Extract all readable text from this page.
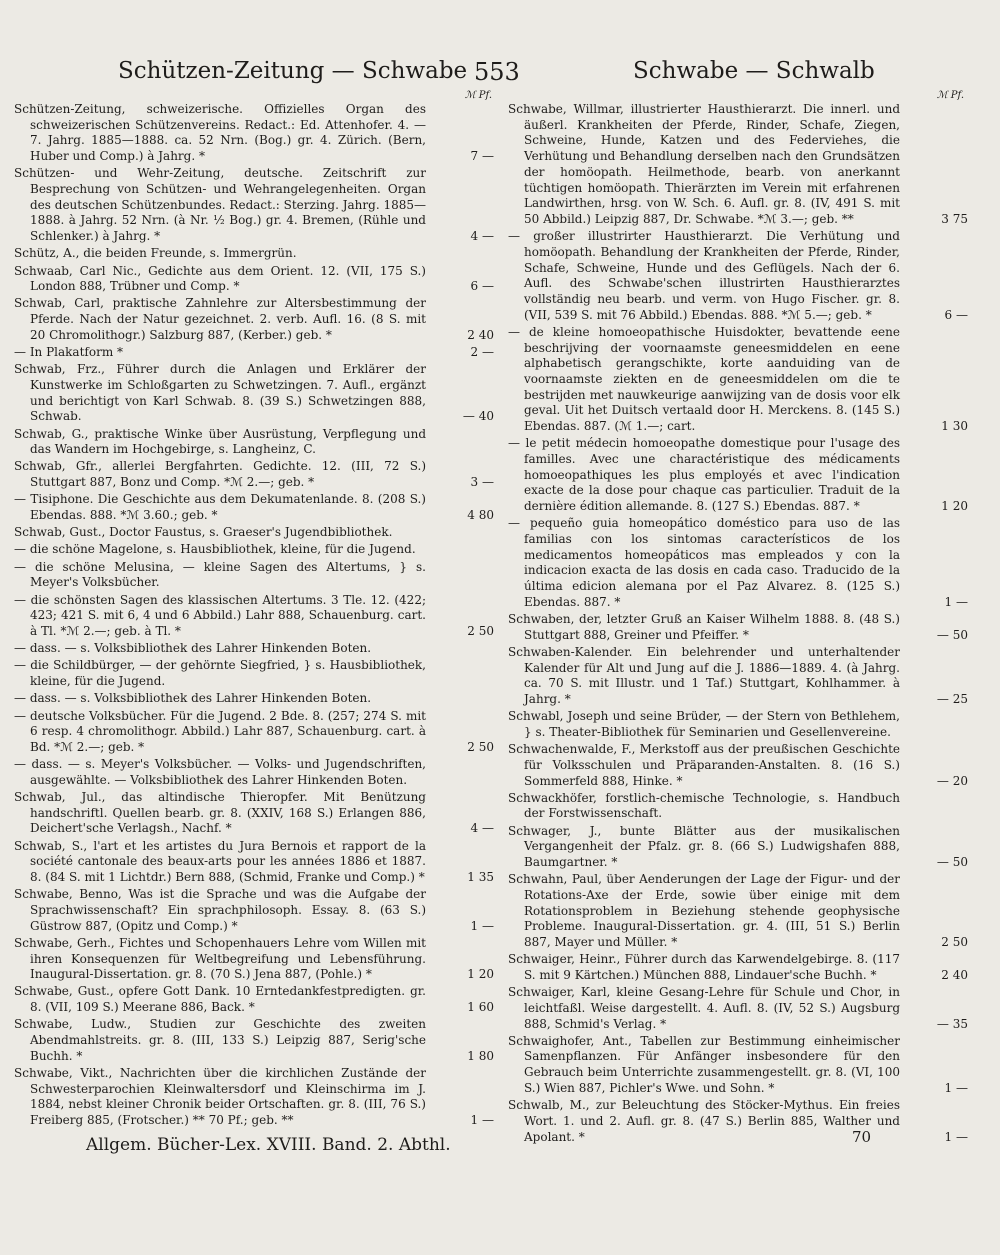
Schützen-Zeitung — Schwabe 553	Schwabe — Schwalb
ℳ Pf.
Schützen-Zeitung, schweizerische. Offizielles Organ des schweizerischen Schützenvereins. Redact.: Ed. Attenhofer. 4. — 7. Jahrg. 1885—1888. ca. 52 Nrn. (Bog.) gr. 4. Zürich. (Bern, Huber und Comp.) à Jahrg. *	7 —
Schützen- und Wehr-Zeitung, deutsche. Zeitschrift zur Besprechung von Schützen- und Wehrangelegenheiten. Organ des deutschen Schützenbundes. Redact.: Sterzing. Jahrg. 1885—1888. à Jahrg. 52 Nrn. (à Nr. ½ Bog.) gr. 4. Bremen, (Rühle und Schlenker.) à Jahrg. *	4 —
Schütz, A., die beiden Freunde, s. Immergrün.
Schwaab, Carl Nic., Gedichte aus dem Orient. 12. (VII, 175 S.) London 888, Trübner und Comp. *	6 —
Schwab, Carl, praktische Zahnlehre zur Altersbestimmung der Pferde. Nach der Natur gezeichnet. 2. verb. Aufl. 16. (8 S. mit 20 Chromolithogr.) Salzburg 887, (Kerber.) geb. *	2 40
— In Plakatform *	2 —
Schwab, Frz., Führer durch die Anlagen und Erklärer der Kunstwerke im Schloßgarten zu Schwetzingen. 7. Aufl., ergänzt und berichtigt von Karl Schwab. 8. (39 S.) Schwetzingen 888, Schwab.	— 40
Schwab, G., praktische Winke über Ausrüstung, Verpflegung und das Wandern im Hochgebirge, s. Langheinz, C.
Schwab, Gfr., allerlei Bergfahrten. Gedichte. 12. (III, 72 S.) Stuttgart 887, Bonz und Comp. *ℳ 2.—; geb. *	3 —
— Tisiphone. Die Geschichte aus dem Dekumatenlande. 8. (208 S.) Ebendas. 888. *ℳ 3.60.; geb. *	4 80
Schwab, Gust., Doctor Faustus, s. Graeser's Jugendbibliothek.
— die schöne Magelone, s. Hausbibliothek, kleine, für die Jugend.
— die schöne Melusina, — kleine Sagen des Altertums, } s. Meyer's Volksbücher.
— die schönsten Sagen des klassischen Altertums. 3 Tle. 12. (422; 423; 421 S. mit 6, 4 und 6 Abbild.) Lahr 888, Schauenburg. cart. à Tl. *ℳ 2.—; geb. à Tl. *	2 50
— dass. — s. Volksbibliothek des Lahrer Hinkenden Boten.
— die Schildbürger, — der gehörnte Siegfried, } s. Hausbibliothek, kleine, für die Jugend.
— dass. — s. Volksbibliothek des Lahrer Hinkenden Boten.
— deutsche Volksbücher. Für die Jugend. 2 Bde. 8. (257; 274 S. mit 6 resp. 4 chromolithogr. Abbild.) Lahr 887, Schauenburg. cart. à Bd. *ℳ 2.—; geb. *	2 50
— dass. — s. Meyer's Volksbücher. — Volks- und Jugendschriften, ausgewählte. — Volksbibliothek des Lahrer Hinkenden Boten.
Schwab, Jul., das altindische Thieropfer. Mit Benützung handschriftl. Quellen bearb. gr. 8. (XXIV, 168 S.) Erlangen 886, Deichert'sche Verlagsh., Nachf. *	4 —
Schwab, S., l'art et les artistes du Jura Bernois et rapport de la société cantonale des beaux-arts pour les années 1886 et 1887. 8. (84 S. mit 1 Lichtdr.) Bern 888, (Schmid, Franke und Comp.) *	1 35
Schwabe, Benno, Was ist die Sprache und was die Aufgabe der Sprachwissenschaft? Ein sprachphilosoph. Essay. 8. (63 S.) Güstrow 887, (Opitz und Comp.) *	1 —
Schwabe, Gerh., Fichtes und Schopenhauers Lehre vom Willen mit ihren Konsequenzen für Weltbegreifung und Lebensführung. Inaugural-Dissertation. gr. 8. (70 S.) Jena 887, (Pohle.) *	1 20
Schwabe, Gust., opfere Gott Dank. 10 Erntedankfestpredigten. gr. 8. (VII, 109 S.) Meerane 886, Back. *	1 60
Schwabe, Ludw., Studien zur Geschichte des zweiten Abendmahlstreits. gr. 8. (III, 133 S.) Leipzig 887, Serig'sche Buchh. *	1 80
Schwabe, Vikt., Nachrichten über die kirchlichen Zustände der Schwesterparochien Kleinwaltersdorf und Kleinschirma im J. 1884, nebst kleiner Chronik beider Ortschaften. gr. 8. (III, 76 S.) Freiberg 885, (Frotscher.) ** 70 Pf.; geb. **	1 —
ℳ Pf.
Schwabe, Willmar, illustrierter Hausthierarzt. Die innerl. und äußerl. Krankheiten der Pferde, Rinder, Schafe, Ziegen, Schweine, Hunde, Katzen und des Federviehes, die Verhütung und Behandlung derselben nach den Grundsätzen der homöopath. Heilmethode, bearb. von anerkannt tüchtigen homöopath. Thierärzten im Verein mit erfahrenen Landwirthen, hrsg. von W. Sch. 6. Aufl. gr. 8. (IV, 491 S. mit 50 Abbild.) Leipzig 887, Dr. Schwabe. *ℳ 3.—; geb. **	3 75
— großer illustrirter Hausthierarzt. Die Verhütung und homöopath. Behandlung der Krankheiten der Pferde, Rinder, Schafe, Schweine, Hunde und des Geflügels. Nach der 6. Aufl. des Schwabe'schen illustrirten Hausthierarztes vollständig neu bearb. und verm. von Hugo Fischer. gr. 8. (VII, 539 S. mit 76 Abbild.) Ebendas. 888. *ℳ 5.—; geb. *	6 —
— de kleine homoeopathische Huisdokter, bevattende eene beschrijving der voornaamste geneesmiddelen en eene alphabetisch gerangschikte, korte aanduiding van de voornaamste ziekten en de geneesmiddelen om die te bestrijden met nauwkeurige aanwijzing van de dosis voor elk geval. Uit het Duitsch vertaald door H. Merckens. 8. (145 S.) Ebendas. 887. (ℳ 1.—; cart.	1 30
— le petit médecin homoeopathe domestique pour l'usage des familles. Avec une charactéristique des médicaments homoeopathiques les plus employés et avec l'indication exacte de la dose pour chaque cas particulier. Traduit de la dernière édition allemande. 8. (127 S.) Ebendas. 887. *	1 20
— pequeño guia homeopático doméstico para uso de las familias con los sintomas característicos de los medicamentos homeopáticos mas empleados y con la indicacion exacta de las dosis en cada caso. Traducido de la última edicion alemana por el Paz Alvarez. 8. (125 S.) Ebendas. 887. *	1 —
Schwaben, der, letzter Gruß an Kaiser Wilhelm 1888. 8. (48 S.) Stuttgart 888, Greiner und Pfeiffer. *	— 50
Schwaben-Kalender. Ein belehrender und unterhaltender Kalender für Alt und Jung auf die J. 1886—1889. 4. (à Jahrg. ca. 70 S. mit Illustr. und 1 Taf.) Stuttgart, Kohlhammer. à Jahrg. *	— 25
Schwabl, Joseph und seine Brüder, — der Stern von Bethlehem, } s. Theater-Bibliothek für Seminarien und Gesellenvereine.
Schwachenwalde, F., Merkstoff aus der preußischen Geschichte für Volksschulen und Präparanden-Anstalten. 8. (16 S.) Sommerfeld 888, Hinke. *	— 20
Schwackhöfer, forstlich-chemische Technologie, s. Handbuch der Forstwissenschaft.
Schwager, J., bunte Blätter aus der musikalischen Vergangenheit der Pfalz. gr. 8. (66 S.) Ludwigshafen 888, Baumgartner. *	— 50
Schwahn, Paul, über Aenderungen der Lage der Figur- und der Rotations-Axe der Erde, sowie über einige mit dem Rotationsproblem in Beziehung stehende geophysische Probleme. Inaugural-Dissertation. gr. 4. (III, 51 S.) Berlin 887, Mayer und Müller. *	2 50
Schwaiger, Heinr., Führer durch das Karwendelgebirge. 8. (117 S. mit 9 Kärtchen.) München 888, Lindauer'sche Buchh. *	2 40
Schwaiger, Karl, kleine Gesang-Lehre für Schule und Chor, in leichtfaßl. Weise dargestellt. 4. Aufl. 8. (IV, 52 S.) Augsburg 888, Schmid's Verlag. *	— 35
Schwaighofer, Ant., Tabellen zur Bestimmung einheimischer Samenpflanzen. Für Anfänger insbesondere für den Gebrauch beim Unterrichte zusammengestellt. gr. 8. (VI, 100 S.) Wien 887, Pichler's Wwe. und Sohn. *	1 —
Schwalb, M., zur Beleuchtung des Stöcker-Mythus. Ein freies Wort. 1. und 2. Aufl. gr. 8. (47 S.) Berlin 885, Walther und Apolant. *	1 —
Allgem. Bücher-Lex. XVIII. Band. 2. Abthl.	70
